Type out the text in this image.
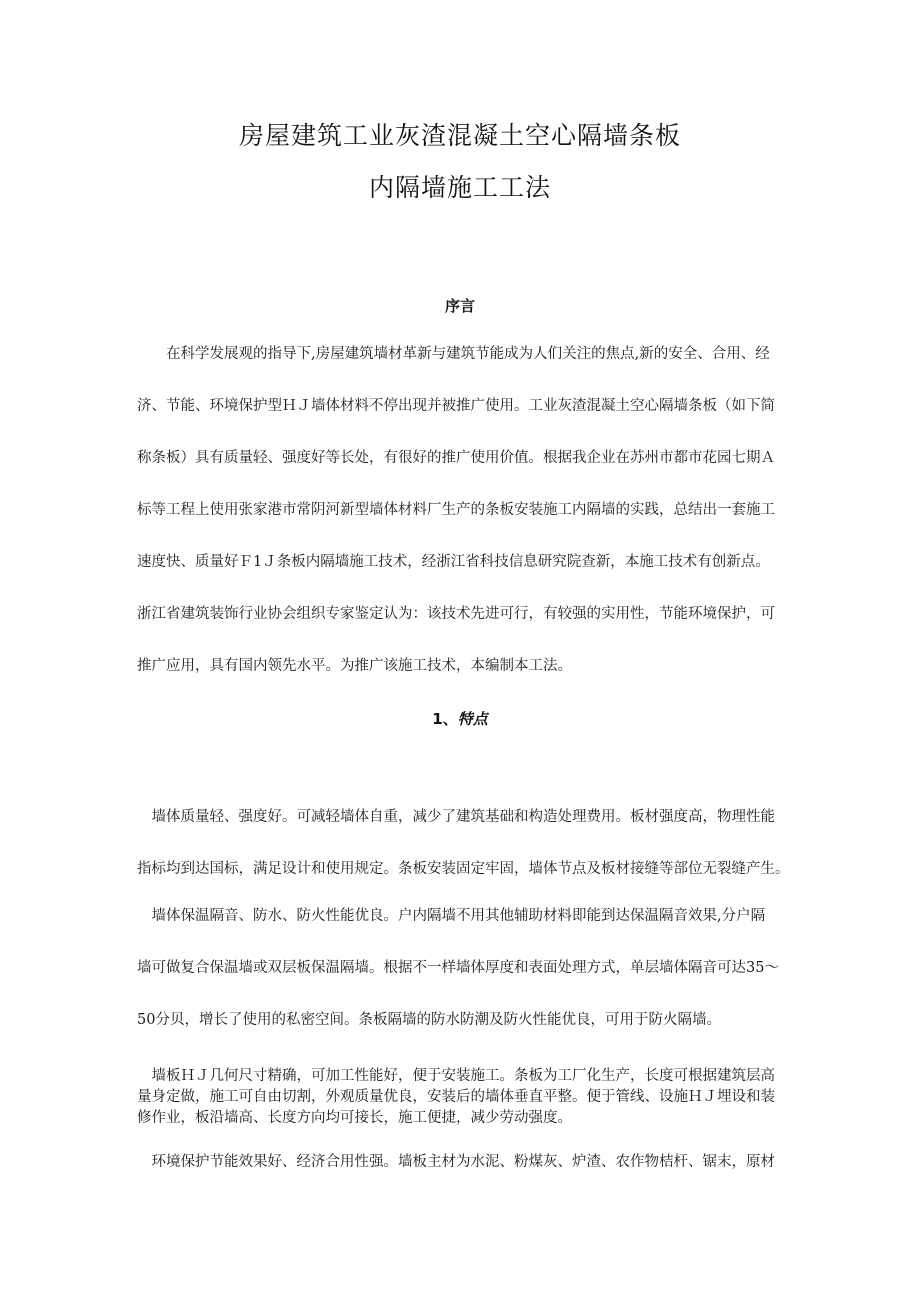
房屋建筑工业灰渣混凝土空心隔墙条板
内隔墙施工工法
序言
　　在科学发展观的指导下,房屋建筑墙材革新与建筑节能成为人们关注的焦点,新的安全、合用、经
济、节能、环境保护型ＨＪ墙体材料不停出现并被推广使用。工业灰渣混凝土空心隔墙条板（如下简
称条板）具有质量轻、强度好等长处，有很好的推广使用价值。根据我企业在苏州市都市花园七期Ａ
标等工程上使用张家港市常阴河新型墙体材料厂生产的条板安装施工内隔墙的实践，总结出一套施工
速度快、质量好Ｆ1Ｊ条板内隔墙施工技术，经浙江省科技信息研究院查新，本施工技术有创新点。
浙江省建筑装饰行业协会组织专家鉴定认为：该技术先进可行，有较强的实用性，节能环境保护，可
推广应用，具有国内领先水平。为推广该施工技术，本编制本工法。
1、特点
　墙体质量轻、强度好。可减轻墙体自重，减少了建筑基础和构造处理费用。板材强度高，物理性能
指标均到达国标，满足设计和使用规定。条板安装固定牢固，墙体节点及板材接缝等部位无裂缝产生。
　墙体保温隔音、防水、防火性能优良。户内隔墙不用其他辅助材料即能到达保温隔音效果,分户隔
墙可做复合保温墙或双层板保温隔墙。根据不一样墙体厚度和表面处理方式，单层墙体隔音可达35～
50分贝，增长了使用的私密空间。条板隔墙的防水防潮及防火性能优良，可用于防火隔墙。
　墙板ＨＪ几何尺寸精确，可加工性能好，便于安装施工。条板为工厂化生产，长度可根据建筑层高
量身定做，施工可自由切割，外观质量优良，安装后的墙体垂直平整。便于管线、设施ＨＪ埋设和装
修作业，板沿墙高、长度方向均可接长，施工便捷，减少劳动强度。
　环境保护节能效果好、经济合用性强。墙板主材为水泥、粉煤灰、炉渣、农作物桔杆、锯末，原材
